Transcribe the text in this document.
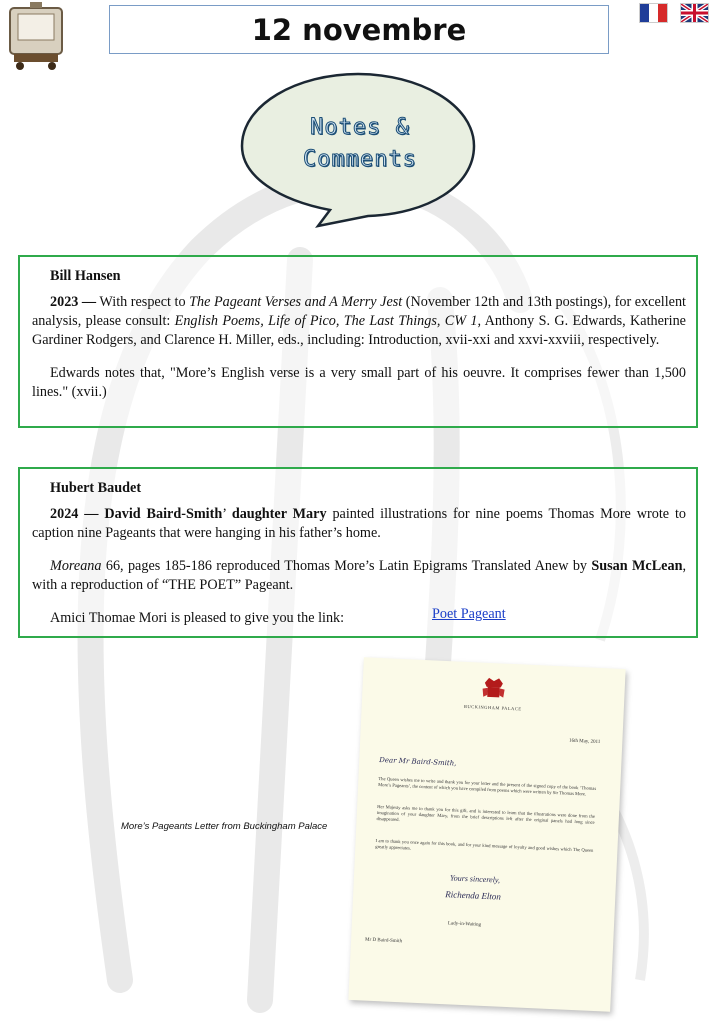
12 novembre
Notes &
Comments

Bill Hansen

2023 — With respect to The Pageant Verses and A Merry Jest (November 12th and 13th postings), for excellent analysis, please consult: English Poems, Life of Pico, The Last Things, CW 1, Anthony S. G. Edwards, Katherine Gardiner Rodgers, and Clarence H. Miller, eds., including: Introduction, xvii-xxi and xxvi-xxviii, respectively.

Edwards notes that, "More’s English verse is a very small part of his oeuvre. It comprises fewer than 1,500 lines." (xvii.)

Hubert Baudet

2024 — David Baird-Smith’ daughter Mary painted illustrations for nine poems Thomas More wrote to caption nine Pageants that were hanging in his father’s home.

Moreana 66, pages 185-186 reproduced Thomas More’s Latin Epigrams Translated Anew by Susan McLean, with a reproduction of “THE POET” Pageant.

Amici Thomae Mori is pleased to give you the link:	Poet Pageant
More’s Pageants Letter from Buckingham Palace
BUCKINGHAM PALACE
16th May, 2011
Dear Mr Baird-Smith,
The Queen wishes me to write and thank you for your letter and the present of the signed copy of the book ‘Thomas More’s Pageants’, the content of which you have compiled from poems which were written by Sir Thomas More.
Her Majesty asks me to thank you for this gift, and is interested to learn that the illustrations were done from the imagination of your daughter Mary, from the brief descriptions left after the original panels had long since disappeared.
I am to thank you once again for this book, and for your kind message of loyalty and good wishes which The Queen greatly appreciates.
Yours sincerely,
Richenda Elton
Lady-in-Waiting
Mr D Baird-Smith
